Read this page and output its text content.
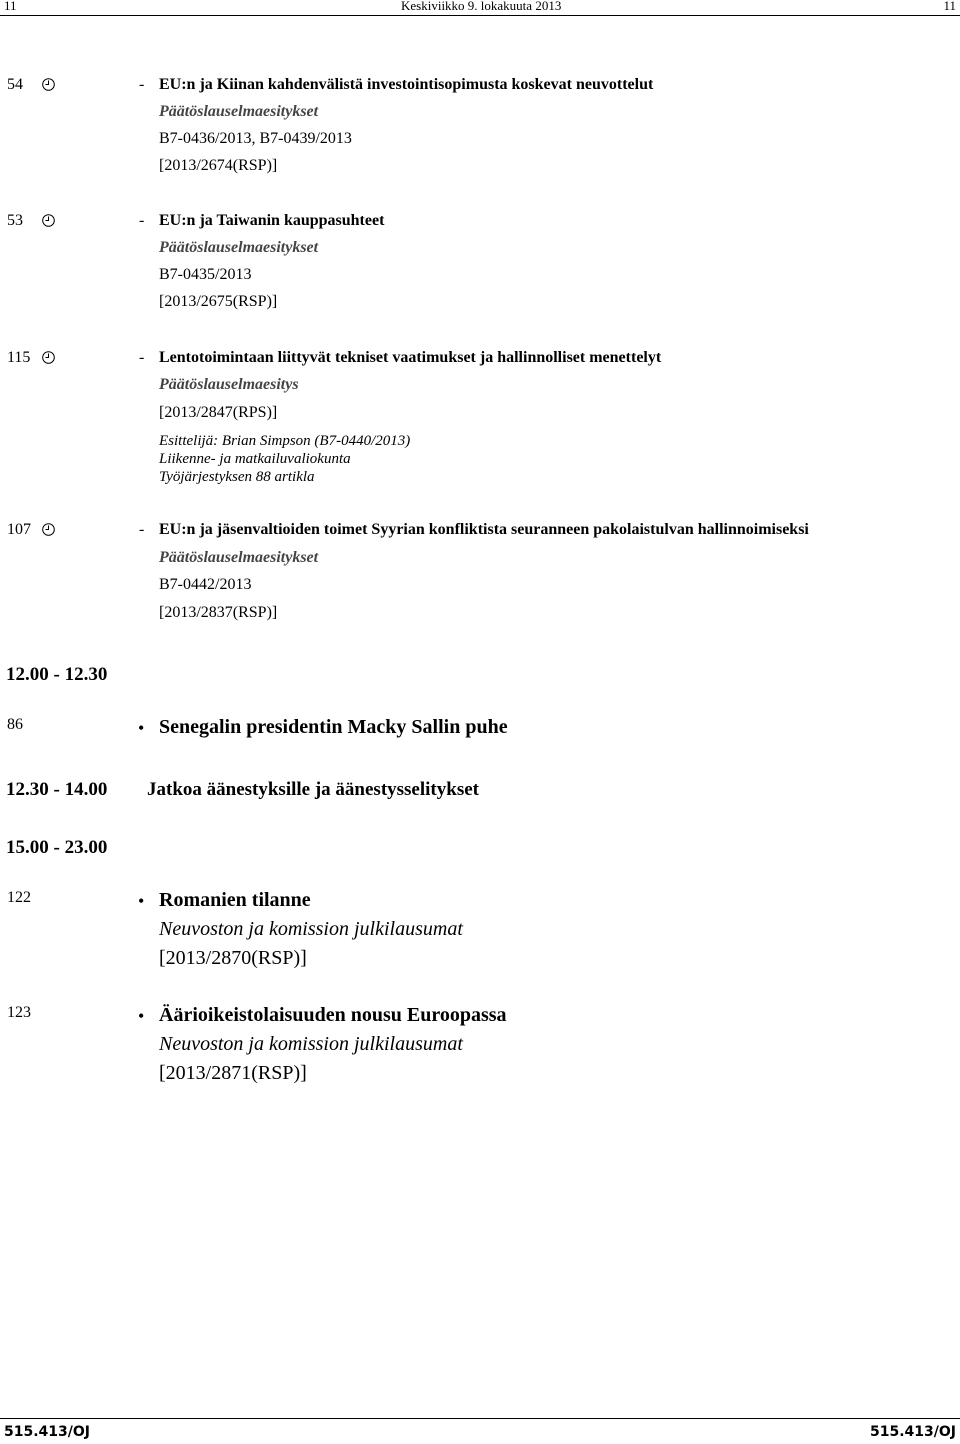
11	Keskiviikko 9. lokakuuta 2013	11
54	- EU:n ja Kiinan kahdenvälistä investointisopimusta koskevat neuvottelut
Päätöslauselmaesitykset
B7-0436/2013, B7-0439/2013
[2013/2674(RSP)]
53	- EU:n ja Taiwanin kauppasuhteet
Päätöslauselmaesitykset
B7-0435/2013
[2013/2675(RSP)]
115	- Lentotoimintaan liittyvät tekniset vaatimukset ja hallinnolliset menettelyt
Päätöslauselmaesitys
[2013/2847(RPS)]
Esittelijä: Brian Simpson (B7-0440/2013)
Liikenne- ja matkailuvaliokunta
Työjärjestyksen 88 artikla
107	- EU:n ja jäsenvaltioiden toimet Syyrian konfliktista seuranneen pakolaistulvan hallinnoimiseksi
Päätöslauselmaesitykset
B7-0442/2013
[2013/2837(RSP)]
12.00 - 12.30
86	• Senegalin presidentin Macky Sallin puhe
12.30 - 14.00 Jatkoa äänestyksille ja äänestysselitykset
15.00 - 23.00
122	• Romanien tilanne
Neuvoston ja komission julkilausumat
[2013/2870(RSP)]
123	• Äärioikeistolaisuuden nousu Euroopassa
Neuvoston ja komission julkilausumat
[2013/2871(RSP)]
515.413/OJ	515.413/OJ
